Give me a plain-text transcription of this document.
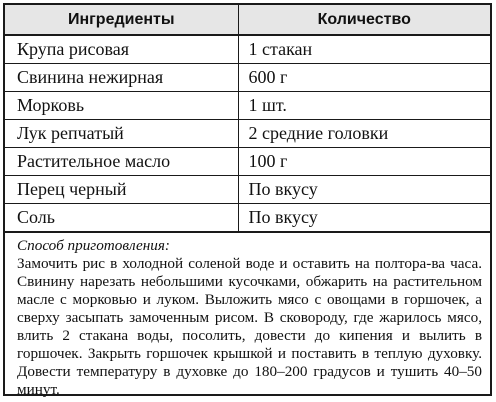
Ингредиенты	Количество
Крупа рисовая	1 стакан
Свинина нежирная	600 г
Морковь	1 шт.
Лук репчатый	2 средние головки
Растительное масло	100 г
Перец черный	По вкусу
Соль	По вкусу
Способ приготовления:
Замочить рис в холодной соленой воде и оставить на полтора-ва часа. Свинину нарезать небольшими кусочками, обжарить на растительном масле с морковью и луком. Выложить мясо с овощами в горшочек, а сверху засыпать замоченным рисом. В сковороду, где жарилось мясо, влить 2 стакана воды, посолить, довести до кипения и вылить в горшочек. Закрыть горшочек крышкой и поставить в теплую духовку. Довести температуру в духовке до 180–200 градусов и тушить 40–50 минут.
